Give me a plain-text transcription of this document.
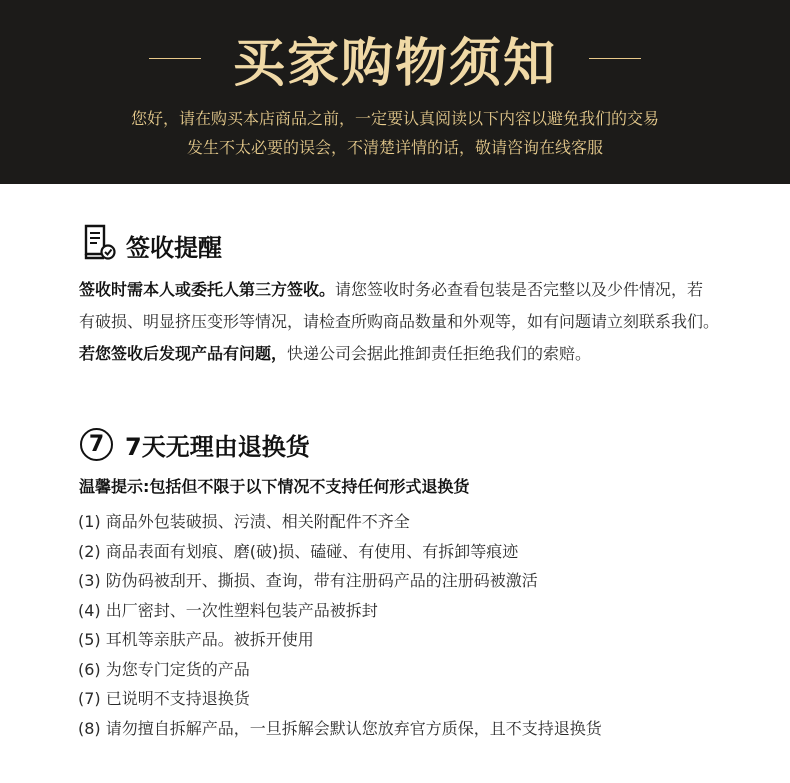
买家购物须知
您好，请在购买本店商品之前，一定要认真阅读以下内容以避免我们的交易
发生不太必要的误会，不清楚详情的话，敬请咨询在线客服
签收提醒
签收时需本人或委托人第三方签收。请您签收时务必查看包装是否完整以及少件情况，若有破损、明显挤压变形等情况，请检查所购商品数量和外观等，如有问题请立刻联系我们。若您签收后发现产品有问题，快递公司会据此推卸责任拒绝我们的索赔。
7 7天无理由退换货
温馨提示:包括但不限于以下情况不支持任何形式退换货
(1) 商品外包装破损、污渍、相关附配件不齐全
(2) 商品表面有划痕、磨(破)损、磕碰、有使用、有拆卸等痕迹
(3) 防伪码被刮开、撕损、查询，带有注册码产品的注册码被激活
(4) 出厂密封、一次性塑料包装产品被拆封
(5) 耳机等亲肤产品。被拆开使用
(6) 为您专门定货的产品
(7) 已说明不支持退换货
(8) 请勿擅自拆解产品，一旦拆解会默认您放弃官方质保，且不支持退换货
